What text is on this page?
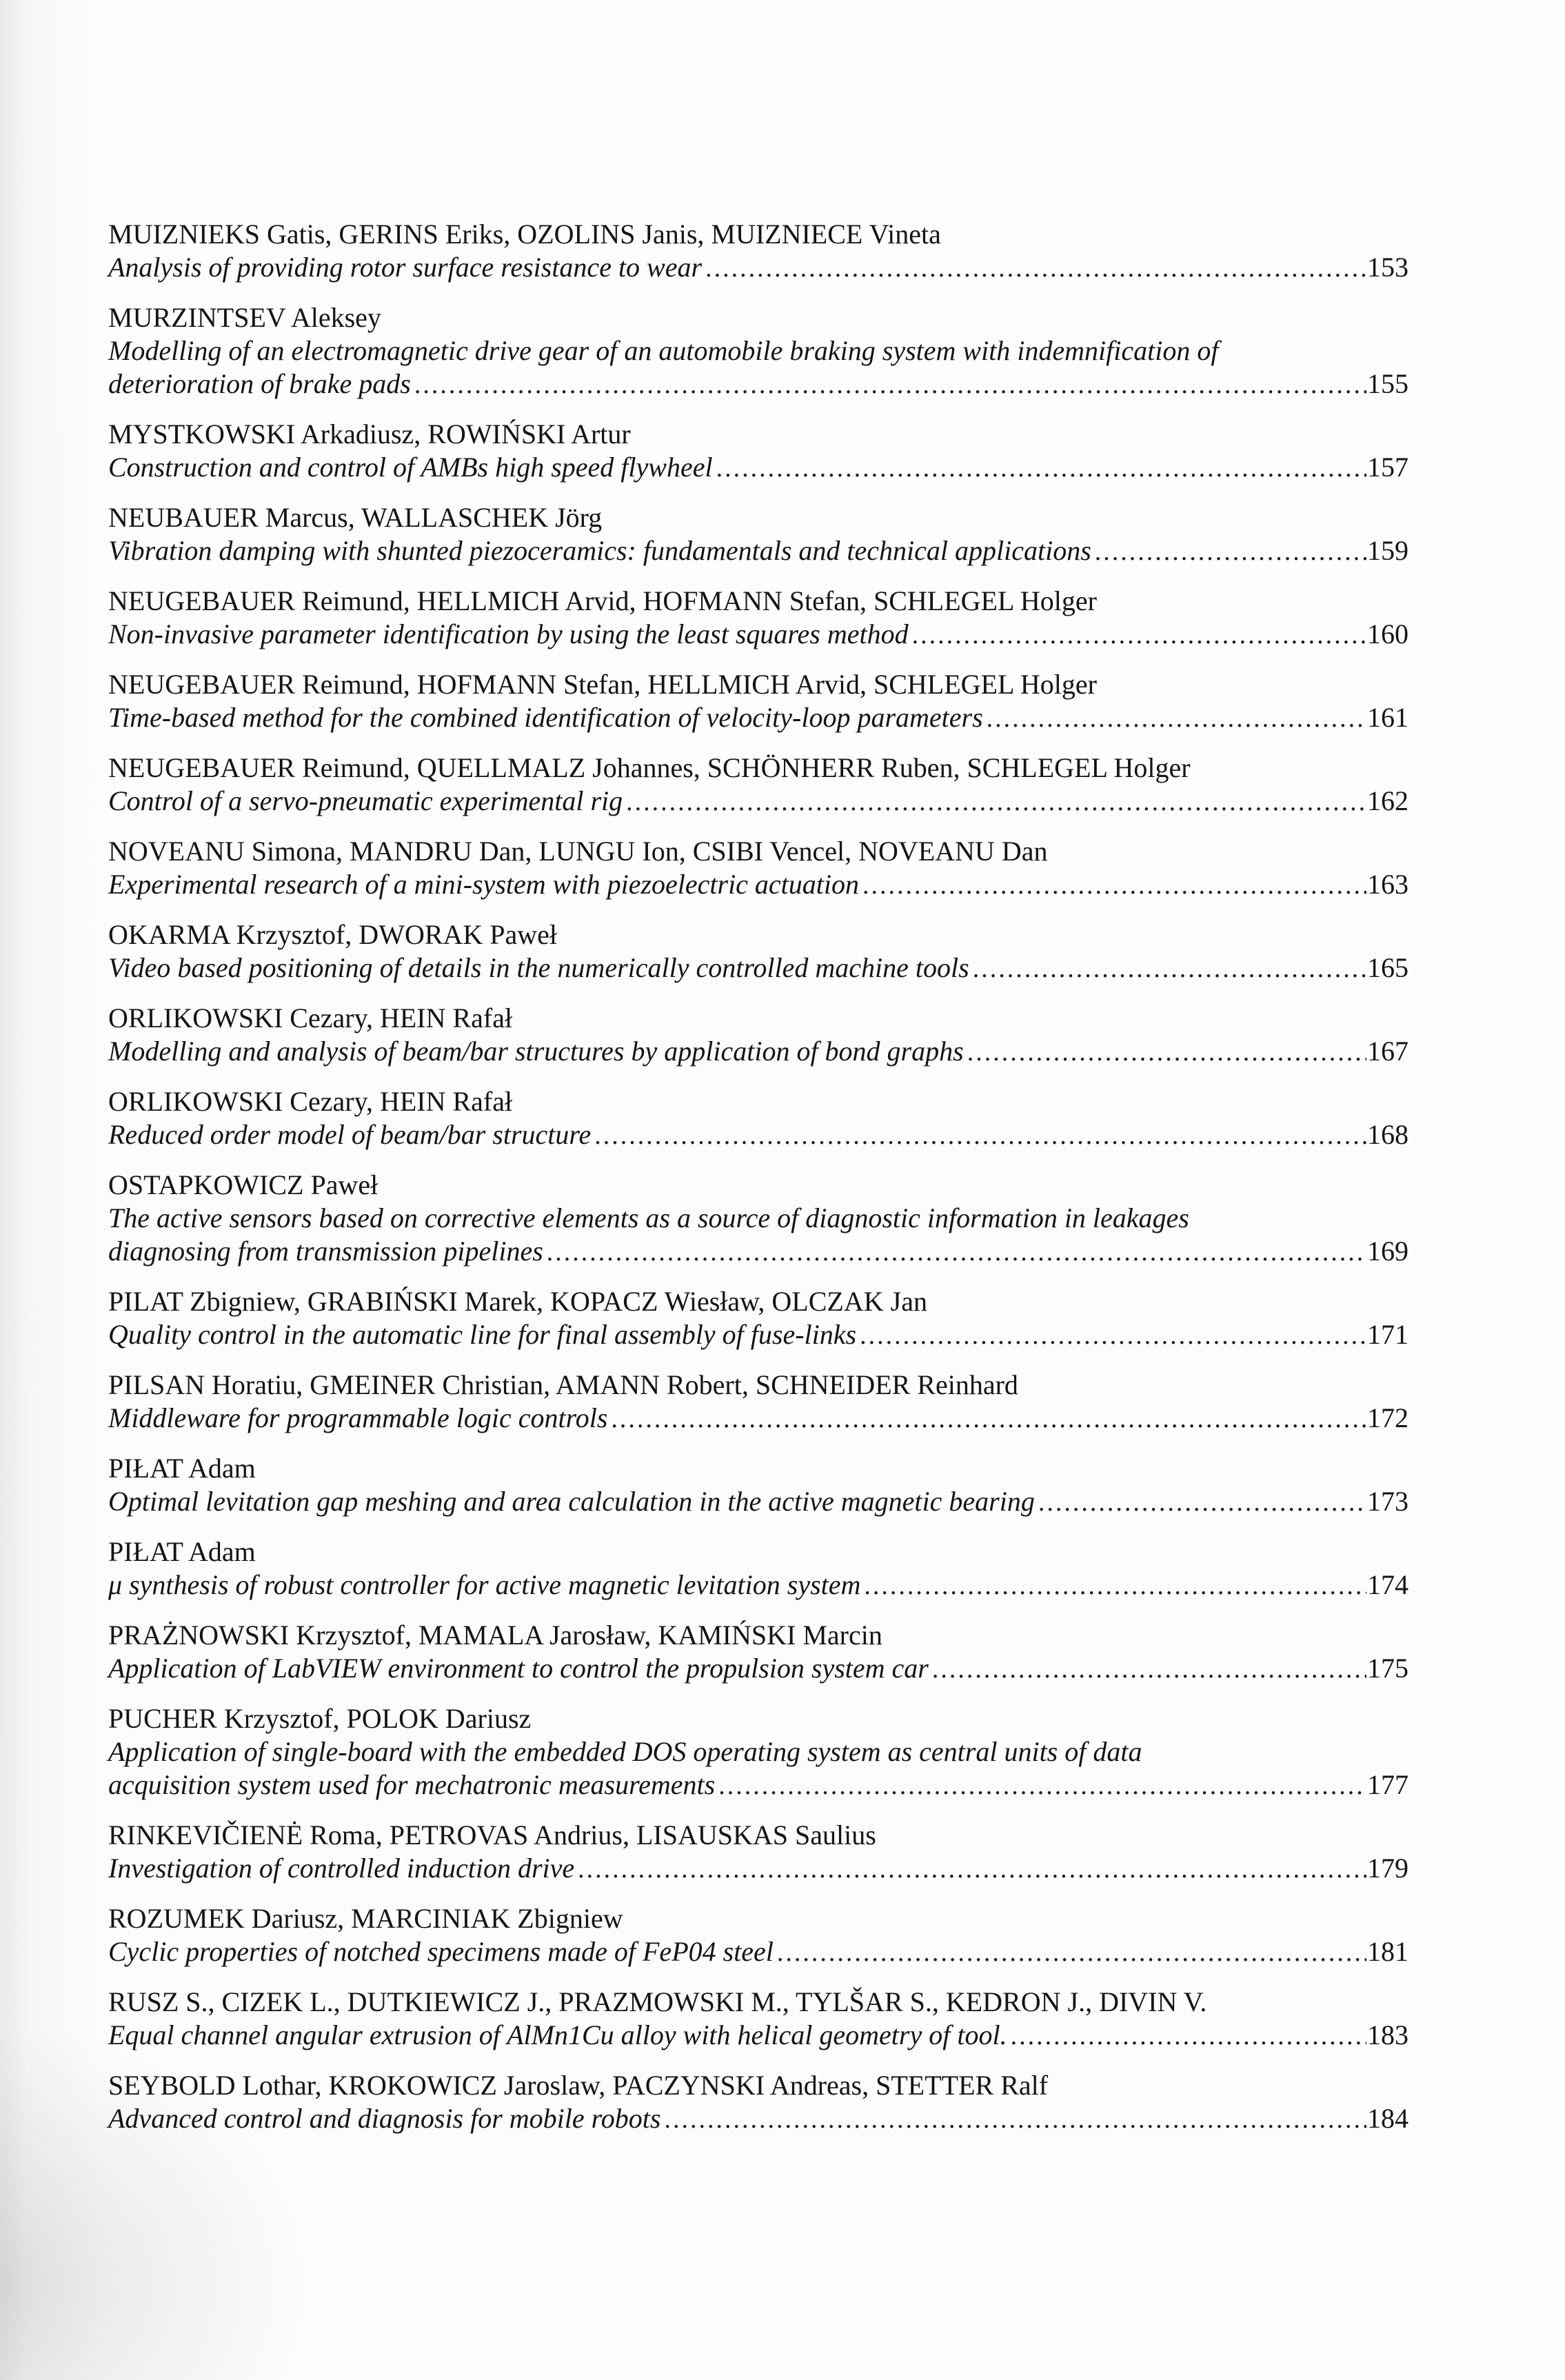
MUIZNIEKS Gatis, GERINS Eriks, OZOLINS Janis, MUIZNIECE Vineta
Analysis of providing rotor surface resistance to wear .....	153
MURZINTSEV Aleksey
Modelling of an electromagnetic drive gear of an automobile braking system with indemnification of
deterioration of brake pads .....	155
MYSTKOWSKI Arkadiusz, ROWIŃSKI Artur
Construction and control of AMBs high speed flywheel .....	157
NEUBAUER Marcus, WALLASCHEK Jörg
Vibration damping with shunted piezoceramics: fundamentals and technical applications .....	159
NEUGEBAUER Reimund, HELLMICH Arvid, HOFMANN Stefan, SCHLEGEL Holger
Non-invasive parameter identification by using the least squares method .....	160
NEUGEBAUER Reimund, HOFMANN Stefan, HELLMICH Arvid, SCHLEGEL Holger
Time-based method for the combined identification of velocity-loop parameters .....	161
NEUGEBAUER Reimund, QUELLMALZ Johannes, SCHÖNHERR Ruben, SCHLEGEL Holger
Control of a servo-pneumatic experimental rig .....	162
NOVEANU Simona, MANDRU Dan, LUNGU Ion, CSIBI Vencel, NOVEANU Dan
Experimental research of a mini-system with piezoelectric actuation .....	163
OKARMA Krzysztof, DWORAK Paweł
Video based positioning of details in the numerically controlled machine tools .....	165
ORLIKOWSKI Cezary, HEIN Rafał
Modelling and analysis of beam/bar structures by application of bond graphs .....	167
ORLIKOWSKI Cezary, HEIN Rafał
Reduced order model of beam/bar structure .....	168
OSTAPKOWICZ Paweł
The active sensors based on corrective elements as a source of diagnostic information in leakages
diagnosing from transmission pipelines .....	169
PILAT Zbigniew, GRABIŃSKI Marek, KOPACZ Wiesław, OLCZAK Jan
Quality control in the automatic line for final assembly of fuse-links .....	171
PILSAN Horatiu, GMEINER Christian, AMANN Robert, SCHNEIDER Reinhard
Middleware for programmable logic controls .....	172
PIŁAT Adam
Optimal levitation gap meshing and area calculation in the active magnetic bearing .....	173
PIŁAT Adam
μ synthesis of robust controller for active magnetic levitation system .....	174
PRAŻNOWSKI Krzysztof, MAMALA Jarosław, KAMIŃSKI Marcin
Application of LabVIEW environment to control the propulsion system car .....	175
PUCHER Krzysztof, POLOK Dariusz
Application of single-board with the embedded DOS operating system as central units of data
acquisition system used for mechatronic measurements .....	177
RINKEVIČIENĖ Roma, PETROVAS Andrius, LISAUSKAS Saulius
Investigation of controlled induction drive .....	179
ROZUMEK Dariusz, MARCINIAK Zbigniew
Cyclic properties of notched specimens made of FeP04 steel .....	181
RUSZ S., CIZEK L., DUTKIEWICZ J., PRAZMOWSKI M., TYLŠAR S., KEDRON J., DIVIN V.
Equal channel angular extrusion of AlMn1Cu alloy with helical geometry of tool. .....	183
SEYBOLD Lothar, KROKOWICZ Jaroslaw, PACZYNSKI Andreas, STETTER Ralf
Advanced control and diagnosis for mobile robots .....	184
